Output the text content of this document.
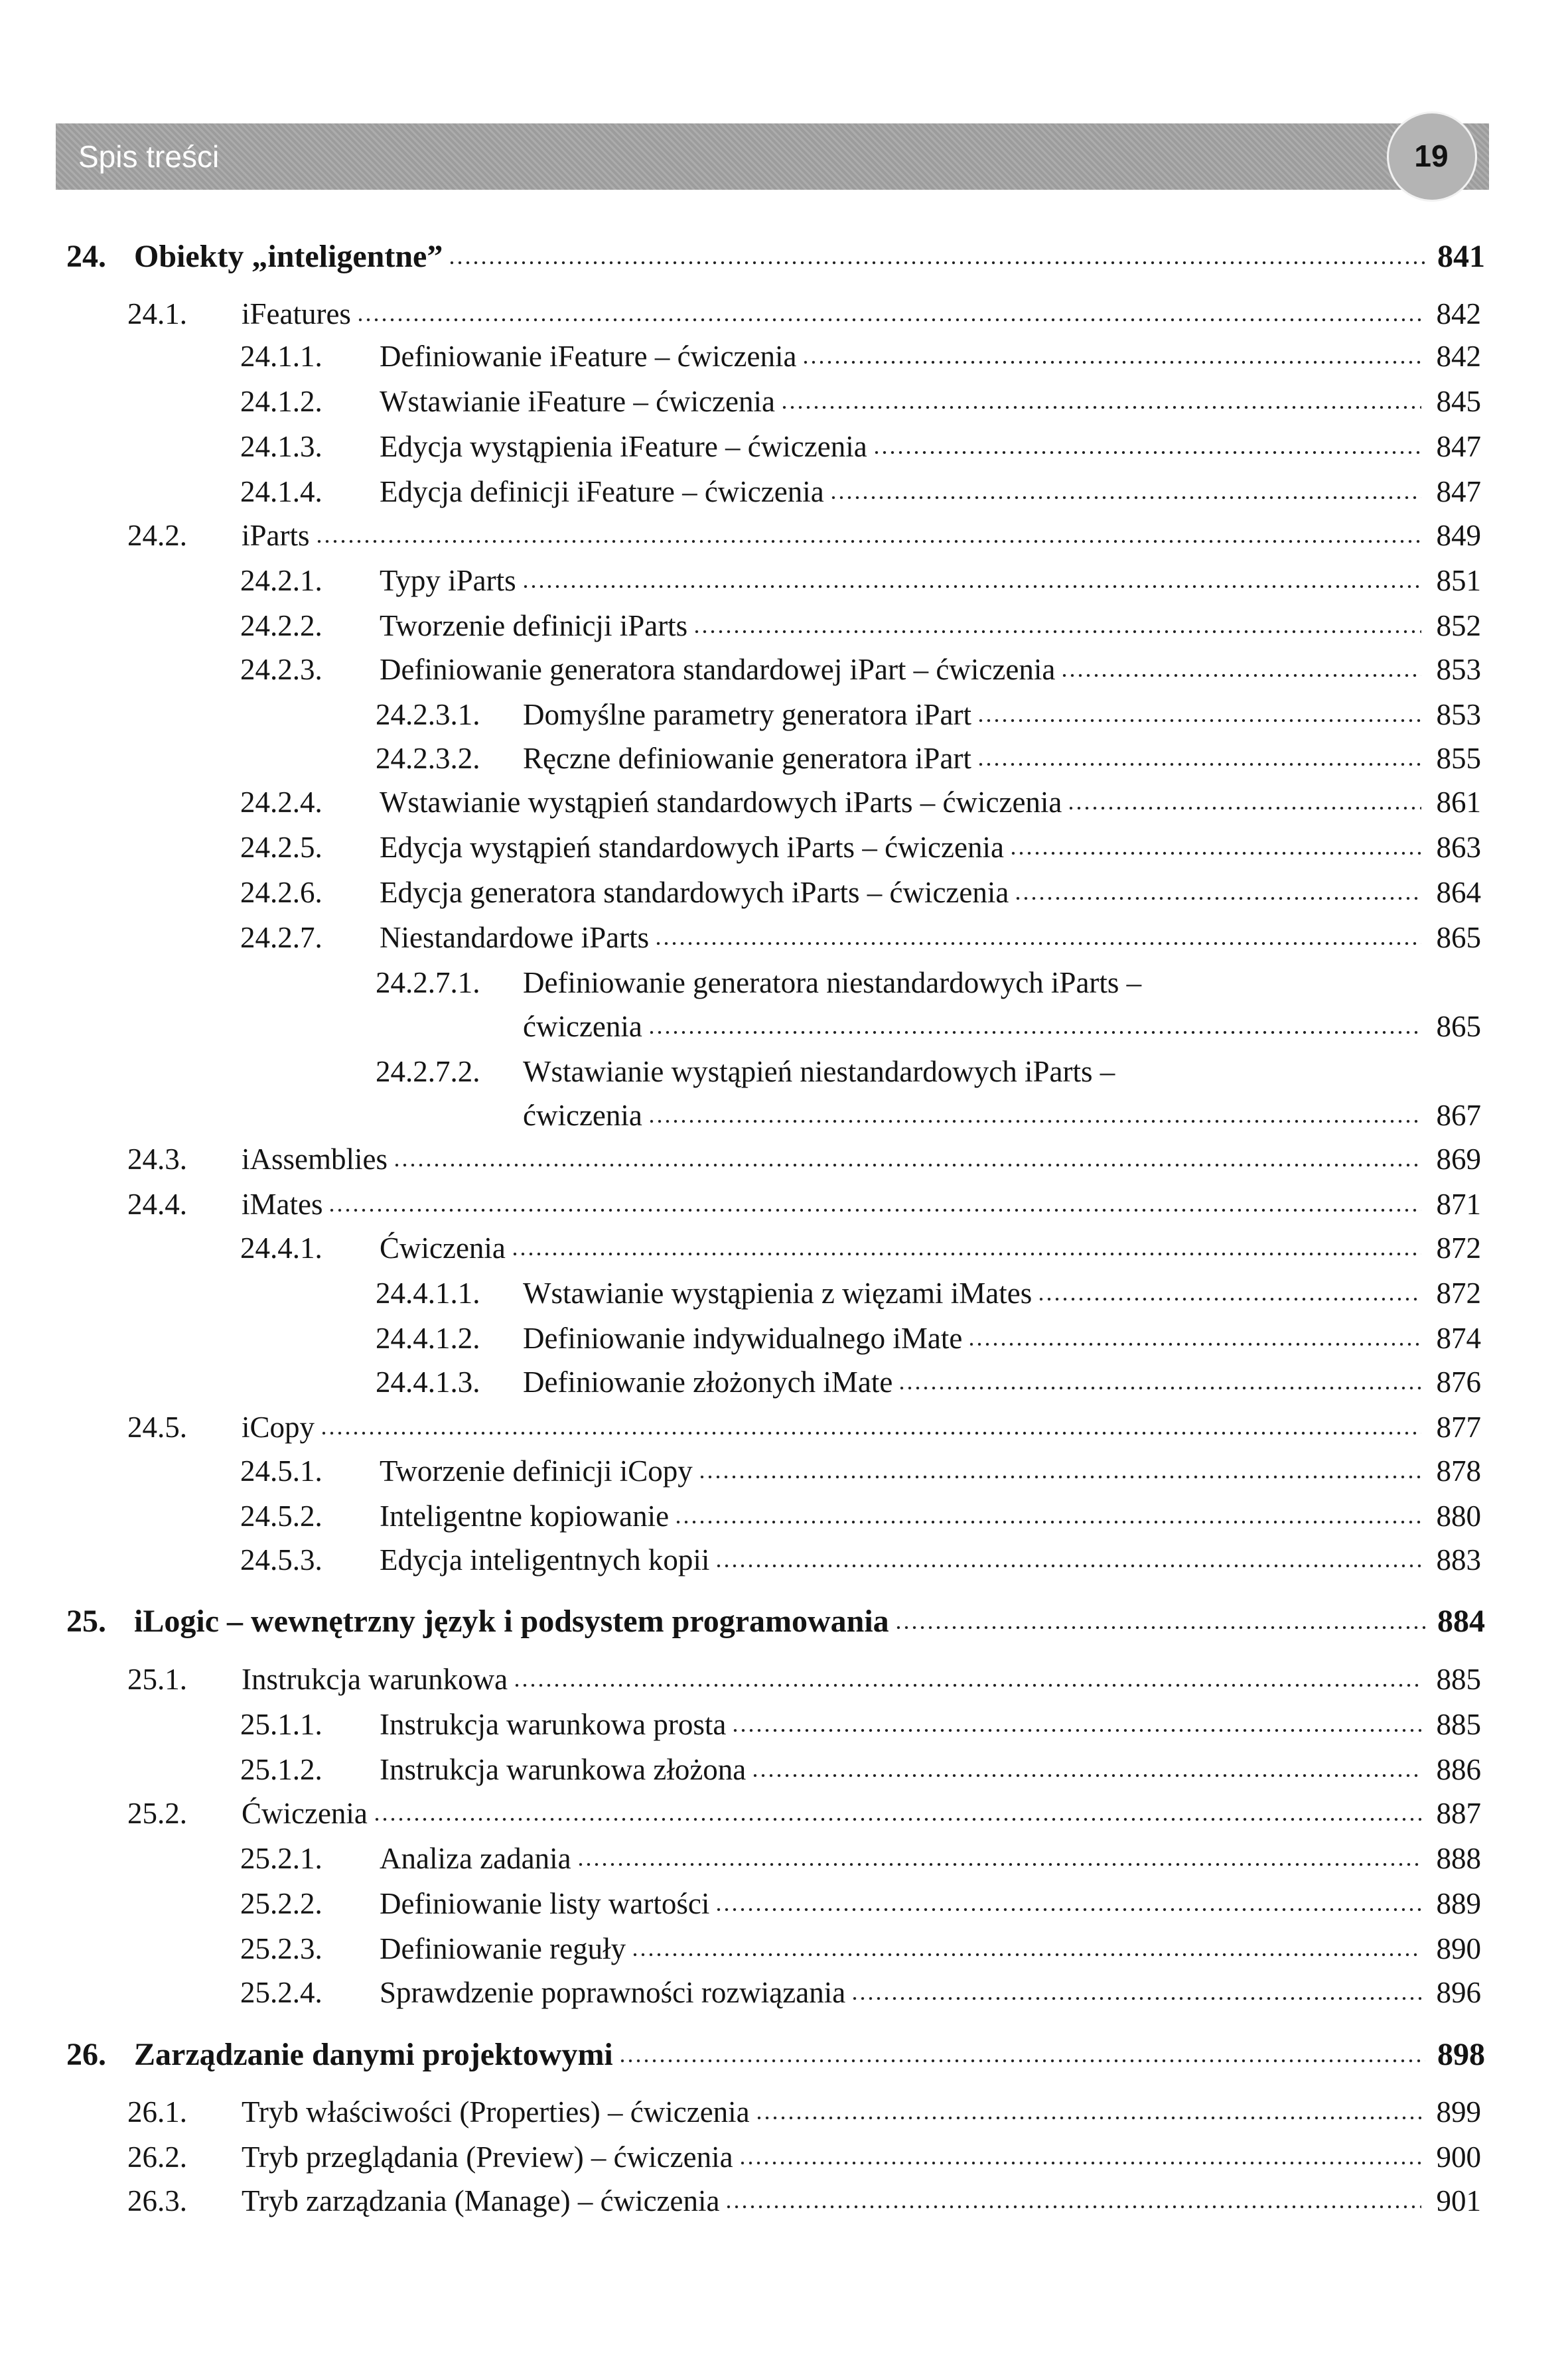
Spis treści	19
24. Obiekty „inteligentne”	841
24.1. iFeatures	842
24.1.1. Definiowanie iFeature – ćwiczenia	842
24.1.2. Wstawianie iFeature – ćwiczenia	845
24.1.3. Edycja wystąpienia iFeature – ćwiczenia	847
24.1.4. Edycja definicji iFeature – ćwiczenia	847
24.2. iParts	849
24.2.1. Typy iParts	851
24.2.2. Tworzenie definicji iParts	852
24.2.3. Definiowanie generatora standardowej iPart – ćwiczenia	853
24.2.3.1. Domyślne parametry generatora iPart	853
24.2.3.2. Ręczne definiowanie generatora iPart	855
24.2.4. Wstawianie wystąpień standardowych iParts – ćwiczenia	861
24.2.5. Edycja wystąpień standardowych iParts – ćwiczenia	863
24.2.6. Edycja generatora standardowych iParts – ćwiczenia	864
24.2.7. Niestandardowe iParts	865
24.2.7.1. Definiowanie generatora niestandardowych iParts –
ćwiczenia	865
24.2.7.2. Wstawianie wystąpień niestandardowych iParts –
ćwiczenia	867
24.3. iAssemblies	869
24.4. iMates	871
24.4.1. Ćwiczenia	872
24.4.1.1. Wstawianie wystąpienia z więzami iMates	872
24.4.1.2. Definiowanie indywidualnego iMate	874
24.4.1.3. Definiowanie złożonych iMate	876
24.5. iCopy	877
24.5.1. Tworzenie definicji iCopy	878
24.5.2. Inteligentne kopiowanie	880
24.5.3. Edycja inteligentnych kopii	883
25. iLogic – wewnętrzny język i podsystem programowania	884
25.1. Instrukcja warunkowa	885
25.1.1. Instrukcja warunkowa prosta	885
25.1.2. Instrukcja warunkowa złożona	886
25.2. Ćwiczenia	887
25.2.1. Analiza zadania	888
25.2.2. Definiowanie listy wartości	889
25.2.3. Definiowanie reguły	890
25.2.4. Sprawdzenie poprawności rozwiązania	896
26. Zarządzanie danymi projektowymi	898
26.1. Tryb właściwości (Properties) – ćwiczenia	899
26.2. Tryb przeglądania (Preview) – ćwiczenia	900
26.3. Tryb zarządzania (Manage) – ćwiczenia	901
